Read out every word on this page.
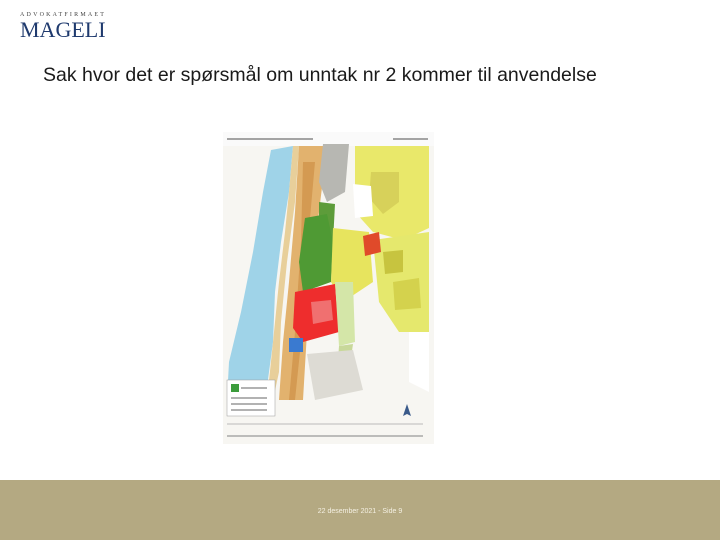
ADVOKATFIRMAET
MAGELI
Sak hvor det er spørsmål om unntak nr 2 kommer til anvendelse
22 desember 2021 - Side 9
